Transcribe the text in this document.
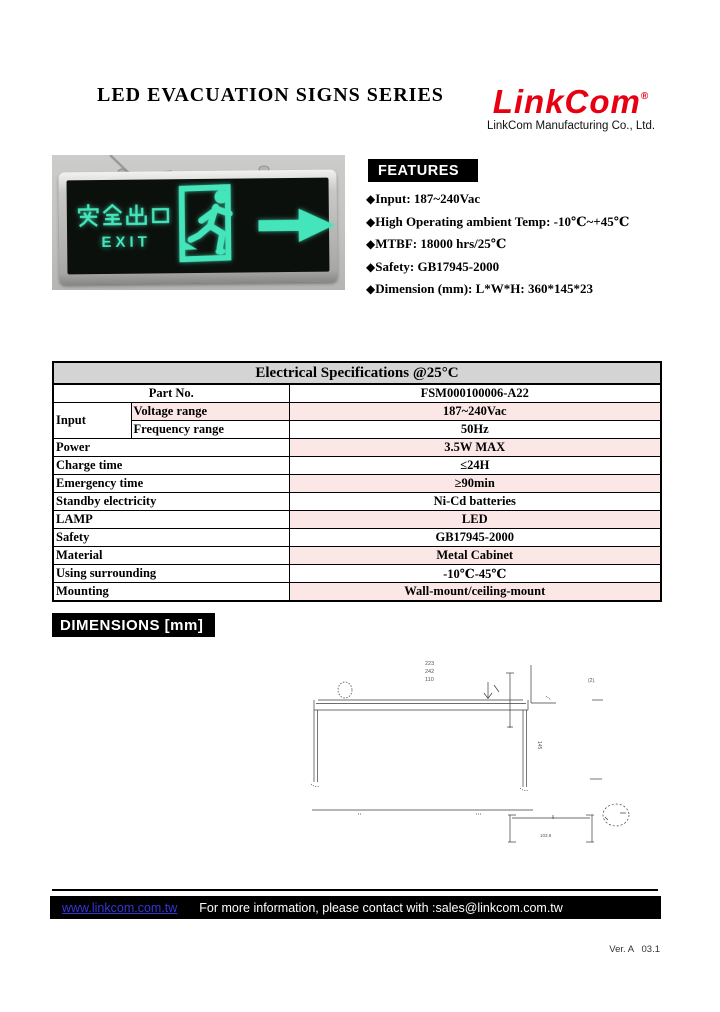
LED EVACUATION SIGNS SERIES	LinkCom®
LinkCom Manufacturing Co., Ltd.
EXIT
FEATURES
◆Input: 187~240Vac
◆High Operating ambient Temp: -10℃~+45℃
◆MTBF: 18000 hrs/25℃
◆Safety: GB17945-2000
◆Dimension (mm): L*W*H: 360*145*23
Electrical Specifications @25°C		
Part No.		FSM000100006-A22
Input	Voltage range	187~240Vac
	Frequency range	50Hz
Power		3.5W MAX
Charge time		≤24H
Emergency time		≥90min
Standby electricity		Ni-Cd batteries
LAMP		LED
Safety		GB17945-2000
Material		Metal Cabinet
Using surrounding		-10℃-45℃
Mounting		Wall-mount/ceiling-mount
DIMENSIONS [mm]
223
242
110	(2).
145
103.8
www.linkcom.com.tw For more information, please contact with :sales@linkcom.com.tw
Ver. A   03.1
